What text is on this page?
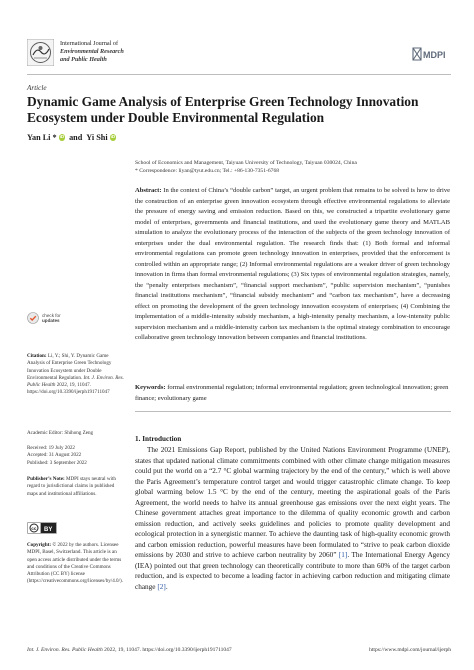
International Journal of
Environmental Research
and Public Health	MDPI
Article
Dynamic Game Analysis of Enterprise Green Technology Innovation Ecosystem under Double Environmental Regulation
Yan Li * iD and Yi Shi iD
School of Economics and Management, Taiyuan University of Technology, Taiyuan 030024, China
* Correspondence: liyan@tyut.edu.cn; Tel.: +86-130-7351-6768
check for
updates
Citation: Li, Y.; Shi, Y. Dynamic Game Analysis of Enterprise Green Technology Innovation Ecosystem under Double Environmental Regulation. Int. J. Environ. Res. Public Health 2022, 19, 11047. https://doi.org/10.3390/ijerph191711047
Academic Editor: Shihong Zeng
Received: 19 July 2022
Accepted: 31 August 2022
Published: 3 September 2022
Publisher’s Note: MDPI stays neutral with regard to jurisdictional claims in published maps and institutional affiliations.
cc BY
Copyright: © 2022 by the authors. Licensee MDPI, Basel, Switzerland. This article is an open access article distributed under the terms and conditions of the Creative Commons Attribution (CC BY) license (https://creativecommons.org/licenses/by/4.0/).
Abstract: In the context of China’s “double carbon” target, an urgent problem that remains to be solved is how to drive the construction of an enterprise green innovation ecosystem through effective environmental regulations to alleviate the pressure of energy saving and emission reduction. Based on this, we constructed a tripartite evolutionary game model of enterprises, governments and financial institutions, and used the evolutionary game theory and MATLAB simulation to analyze the evolutionary process of the interaction of the subjects of the green technology innovation of enterprises under the dual environmental regulation. The research finds that: (1) Both formal and informal environmental regulations can promote green technology innovation in enterprises, provided that the enforcement is controlled within an appropriate range; (2) Informal environmental regulations are a weaker driver of green technology innovation in firms than formal environmental regulations; (3) Six types of environmental regulation strategies, namely, the “penalty enterprises mechanism”, “financial support mechanism”, “public supervision mechanism”, “punishes financial institutions mechanism”, “financial subsidy mechanism” and “carbon tax mechanism”, have a decreasing effect on promoting the development of the green technology innovation ecosystem of enterprises; (4) Combining the implementation of a middle-intensity subsidy mechanism, a high-intensity penalty mechanism, a low-intensity public supervision mechanism and a middle-intensity carbon tax mechanism is the optimal strategy combination to encourage collaborative green technology innovation between companies and financial institutions.
Keywords: formal environmental regulation; informal environmental regulation; green technological innovation; green finance; evolutionary game
1. Introduction
The 2021 Emissions Gap Report, published by the United Nations Environment Programme (UNEP), states that updated national climate commitments combined with other climate change mitigation measures could put the world on a “2.7 °C global warming trajectory by the end of the century,” which is well above the Paris Agreement’s temperature control target and would trigger catastrophic climate change. To keep global warming below 1.5 °C by the end of the century, meeting the aspirational goals of the Paris Agreement, the world needs to halve its annual greenhouse gas emissions over the next eight years. The Chinese government attaches great importance to the dilemma of quality economic growth and carbon emission reduction, and actively seeks guidelines and policies to promote quality development and ecological protection in a synergistic manner. To achieve the daunting task of high-quality economic growth and carbon emission reduction, powerful measures have been formulated to “strive to peak carbon dioxide emissions by 2030 and strive to achieve carbon neutrality by 2060” [1]. The International Energy Agency (IEA) pointed out that green technology can theoretically contribute to more than 60% of the target carbon reduction, and is expected to become a leading factor in achieving carbon reduction and mitigating climate change [2].
Int. J. Environ. Res. Public Health 2022, 19, 11047. https://doi.org/10.3390/ijerph191711047	https://www.mdpi.com/journal/ijerph
